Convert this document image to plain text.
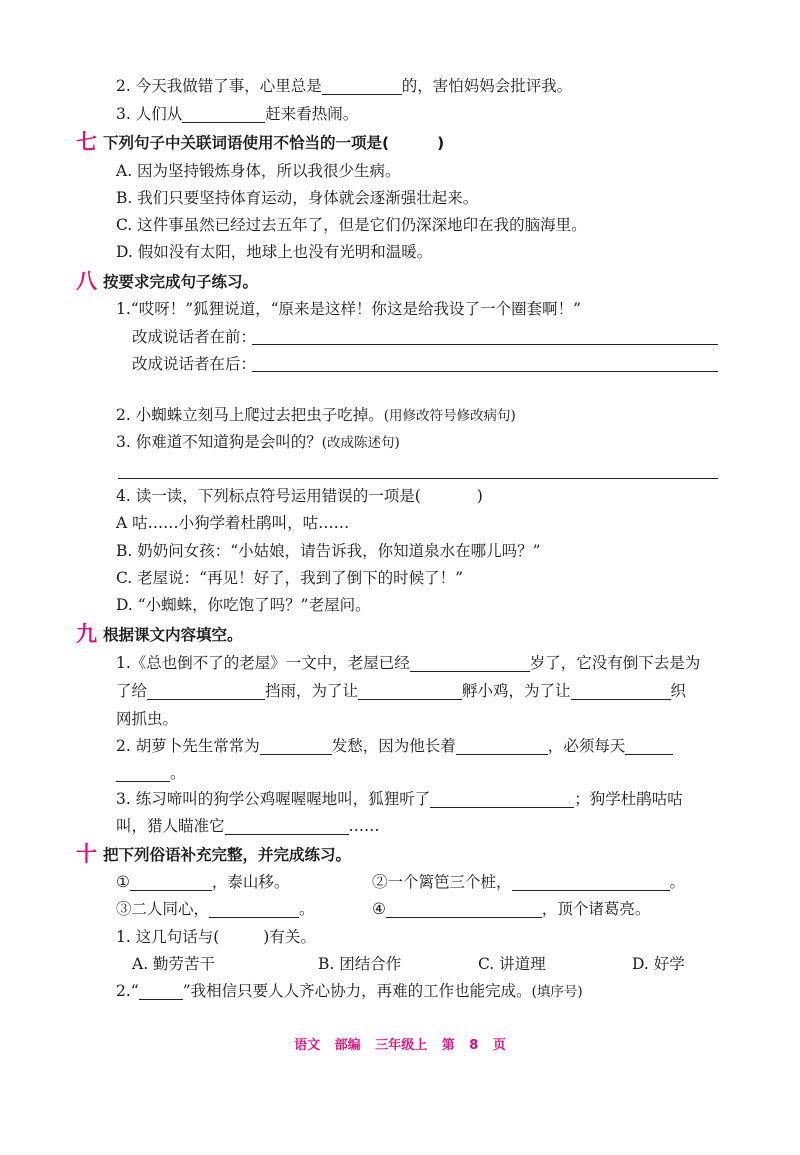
2. 今天我做错了事，心里总是	的，害怕妈妈会批评我。
3. 人们从	赶来看热闹。
七 下列句子中关联词语使用不恰当的一项是(	)
A. 因为坚持锻炼身体，所以我很少生病。
B. 我们只要坚持体育运动，身体就会逐渐强壮起来。
C. 这件事虽然已经过去五年了，但是它们仍深深地印在我的脑海里。
D. 假如没有太阳，地球上也没有光明和温暖。
八 按要求完成句子练习。
1.“哎呀！”狐狸说道，“原来是这样！你这是给我设了一个圈套啊！”
改成说话者在前：
改成说话者在后：
2. 小蜘蛛立刻马上爬过去把虫子吃掉。(用修改符号修改病句)
3. 你难道不知道狗是会叫的？(改成陈述句)
4. 读一读，下列标点符号运用错误的一项是(	)
A 咕……小狗学着杜鹃叫，咕……
B. 奶奶问女孩：“小姑娘，请告诉我，你知道泉水在哪儿吗？”
C. 老屋说：“再见！好了，我到了倒下的时候了！”
D. “小蜘蛛，你吃饱了吗？”老屋问。
九 根据课文内容填空。
1.《总也倒不了的老屋》一文中，老屋已经	岁了，它没有倒下去是为
了给	挡雨，为了让	孵小鸡，为了让	织
网抓虫。
2. 胡萝卜先生常常为	发愁，因为他长着	，必须每天
。
3. 练习啼叫的狗学公鸡喔喔喔地叫，狐狸听了	；狗学杜鹃咕咕
叫，猎人瞄准它	……
十 把下列俗语补充完整，并完成练习。
①	，泰山移。	②一个篱笆三个桩，	。
③二人同心，	。	④	，顶个诸葛亮。
1. 这几句话与(	)有关。
A. 勤劳苦干	B. 团结合作	C. 讲道理	D. 好学
2.“	”我相信只要人人齐心协力，再难的工作也能完成。(填序号)
语文 部编 三年级上 第 8 页
